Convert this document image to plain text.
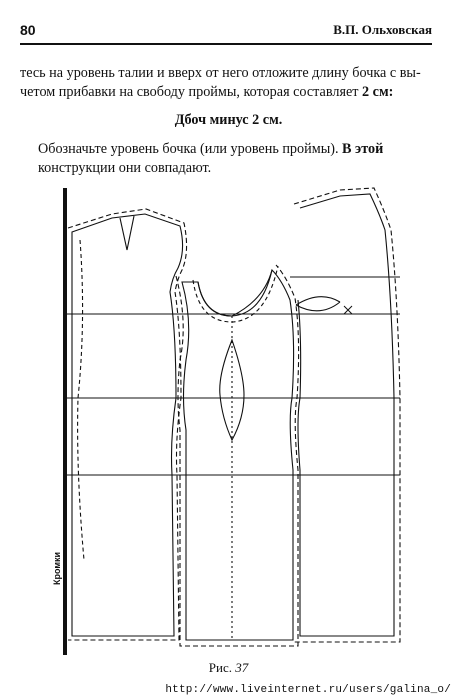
80	В.П. Ольховская
тесь на уровень талии и вверх от него отложите длину бочка с вы-
четом прибавки на свободу проймы, которая составляет 2 см:
Дбоч минус 2 см.
Обозначьте уровень бочка (или уровень проймы). В этой
конструкции они совпадают.
Кромки
Рис. 37
http://www.liveinternet.ru/users/galina_o/
